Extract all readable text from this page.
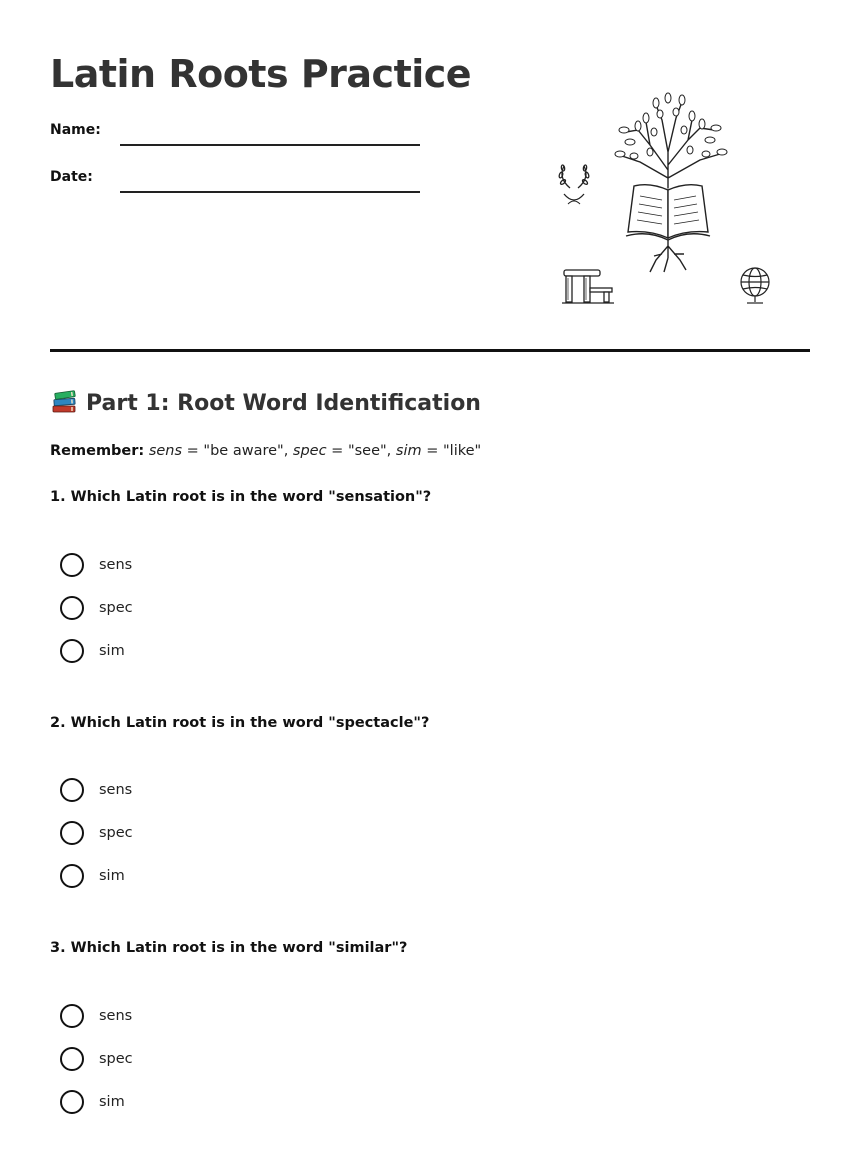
Latin Roots Practice
Name:
Date:
Part 1: Root Word Identification
Remember: sens = "be aware", spec = "see", sim = "like"
1. Which Latin root is in the word "sensation"?
sens
spec
sim
2. Which Latin root is in the word "spectacle"?
sens
spec
sim
3. Which Latin root is in the word "similar"?
sens
spec
sim
